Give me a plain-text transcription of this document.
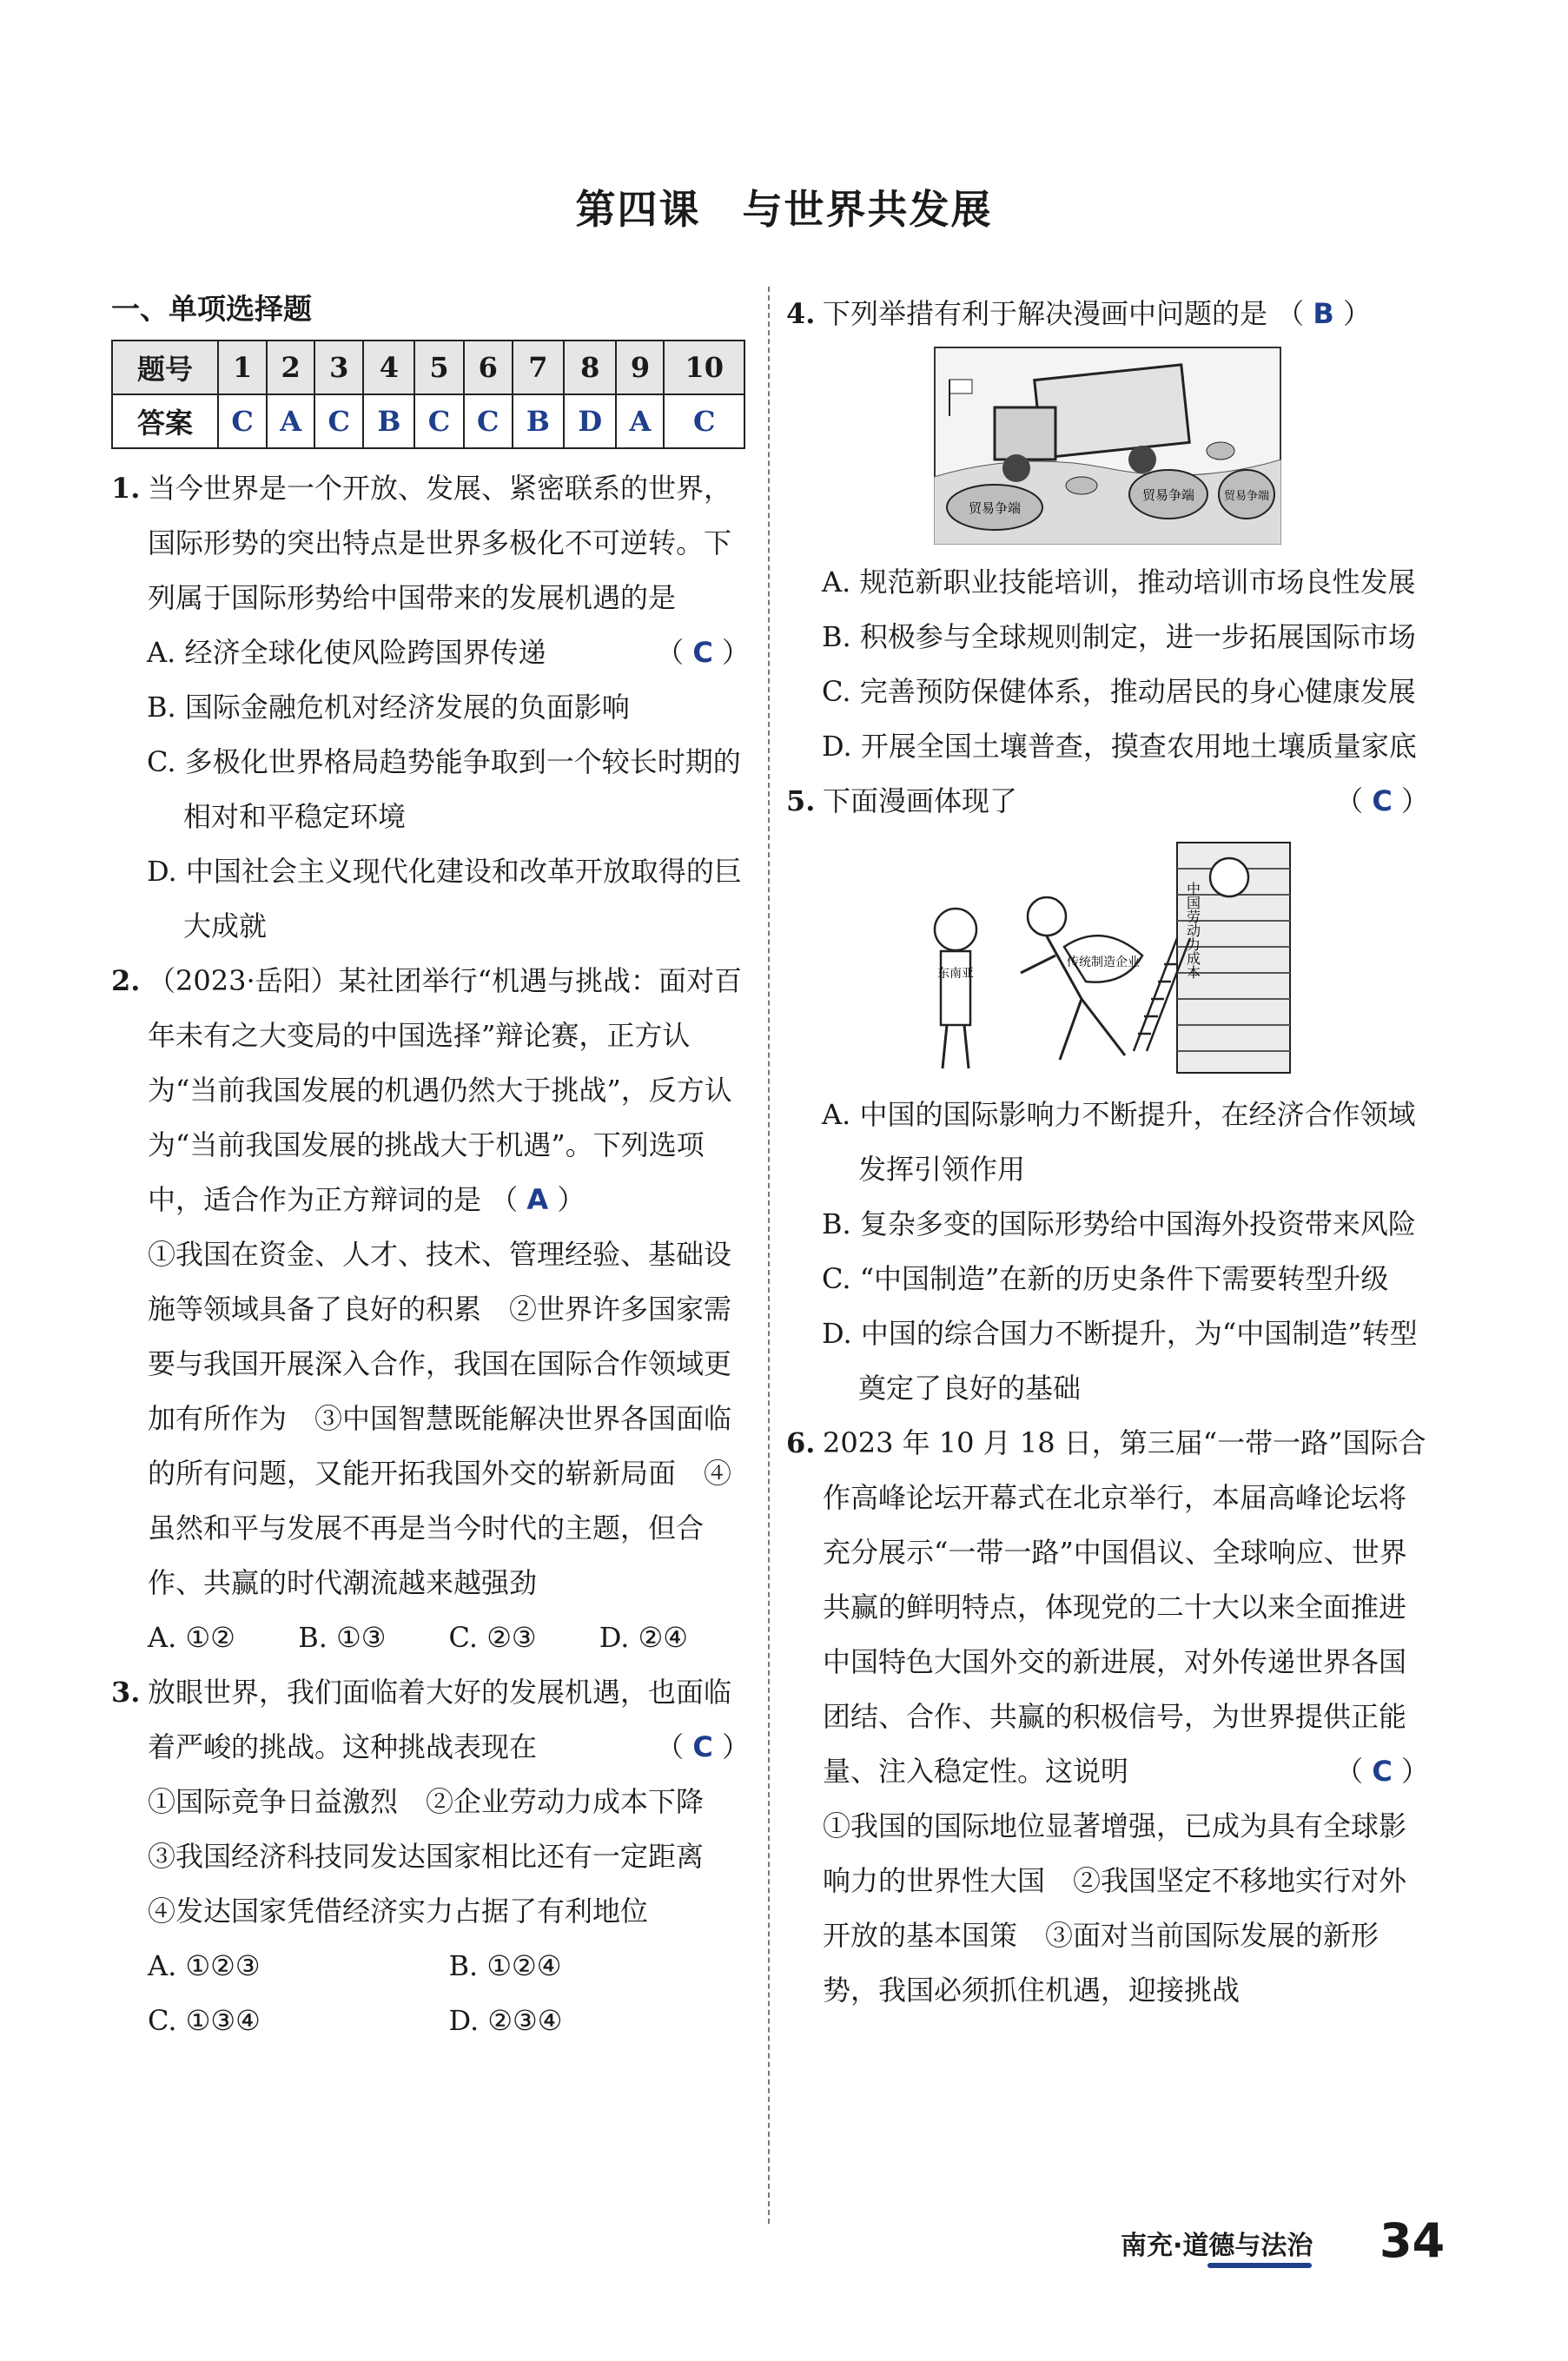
第四课　与世界共发展
一、单项选择题
题号	1	2	3	4	5	6	7	8	9	10
答案	C	A	C	B	C	C	B	D	A	C
1. 当今世界是一个开放、发展、紧密联系的世界，国际形势的突出特点是世界多极化不可逆转。下列属于国际形势给中国带来的发展机遇的是
（ C ）
A. 经济全球化使风险跨国界传递
B. 国际金融危机对经济发展的负面影响
C. 多极化世界格局趋势能争取到一个较长时期的相对和平稳定环境
D. 中国社会主义现代化建设和改革开放取得的巨大成就
2. （2023·岳阳）某社团举行“机遇与挑战：面对百年未有之大变局的中国选择”辩论赛，正方认为“当前我国发展的机遇仍然大于挑战”，反方认为“当前我国发展的挑战大于机遇”。下列选项中，适合作为正方辩词的是 （ A ）
①我国在资金、人才、技术、管理经验、基础设施等领域具备了良好的积累　②世界许多国家需要与我国开展深入合作，我国在国际合作领域更加有所作为　③中国智慧既能解决世界各国面临的所有问题，又能开拓我国外交的崭新局面　④虽然和平与发展不再是当今时代的主题，但合作、共赢的时代潮流越来越强劲
A. ①②	B. ①③	C. ②③	D. ②④
3. 放眼世界，我们面临着大好的发展机遇，也面临着严峻的挑战。这种挑战表现在	（ C ）
①国际竞争日益激烈　②企业劳动力成本下降　③我国经济科技同发达国家相比还有一定距离　④发达国家凭借经济实力占据了有利地位
A. ①②③	B. ①②④
C. ①③④	D. ②③④
4. 下列举措有利于解决漫画中问题的是 （ B ）
贸易争端
贸易争端	贸易争端
A. 规范新职业技能培训，推动培训市场良性发展
B. 积极参与全球规则制定，进一步拓展国际市场
C. 完善预防保健体系，推动居民的身心健康发展
D. 开展全国土壤普查，摸查农用地土壤质量家底
5. 下面漫画体现了	（ C ）
中国劳动力成本
东南亚
传统制造企业
A. 中国的国际影响力不断提升，在经济合作领域发挥引领作用
B. 复杂多变的国际形势给中国海外投资带来风险
C. “中国制造”在新的历史条件下需要转型升级
D. 中国的综合国力不断提升，为“中国制造”转型奠定了良好的基础
6. 2023 年 10 月 18 日，第三届“一带一路”国际合作高峰论坛开幕式在北京举行，本届高峰论坛将充分展示“一带一路”中国倡议、全球响应、世界共赢的鲜明特点，体现党的二十大以来全面推进中国特色大国外交的新进展，对外传递世界各国团结、合作、共赢的积极信号，为世界提供正能量、注入稳定性。这说明	（ C ）
①我国的国际地位显著增强，已成为具有全球影响力的世界性大国　②我国坚定不移地实行对外开放的基本国策　③面对当前国际发展的新形势，我国必须抓住机遇，迎接挑战
南充·道德与法治 34
